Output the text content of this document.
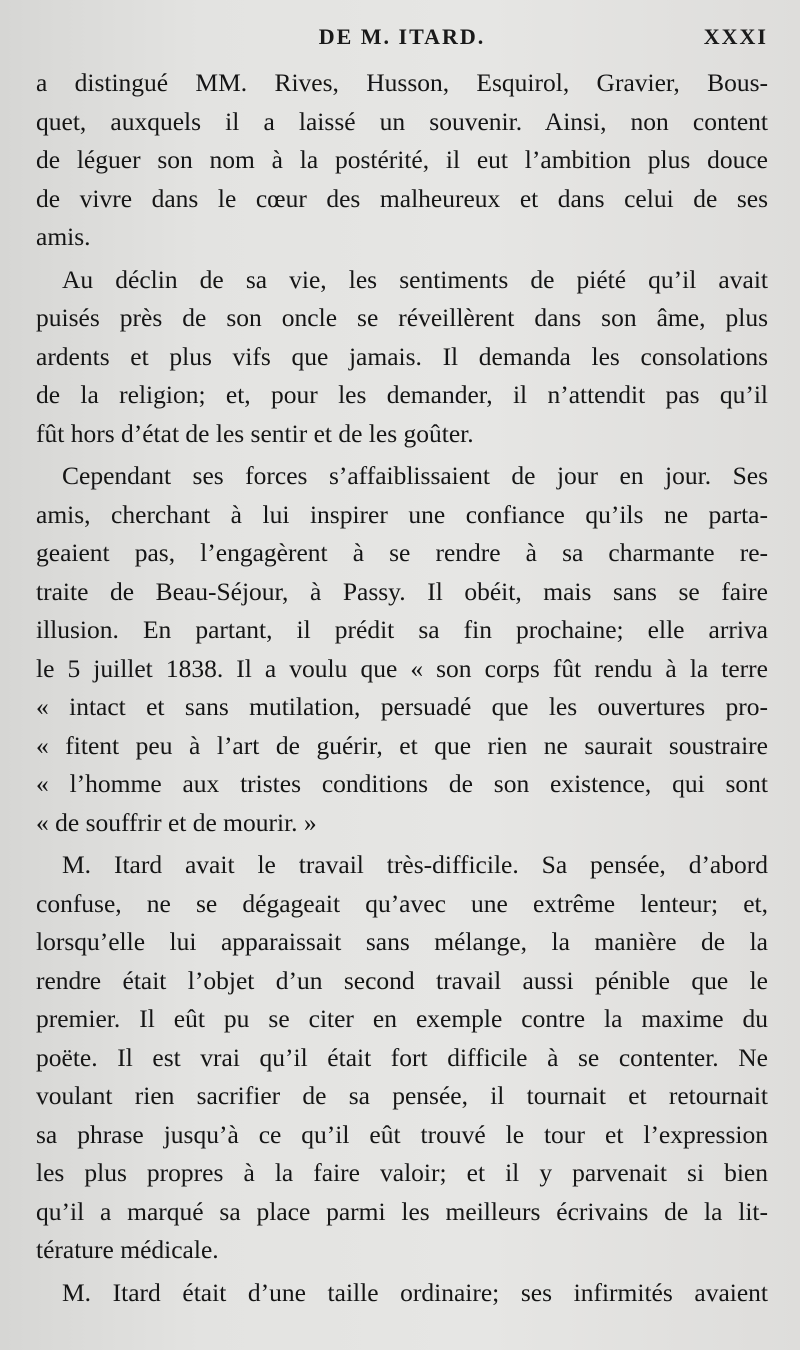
DE M. ITARD.	XXXI
a distingué MM. Rives, Husson, Esquirol, Gravier, Bous-
quet, auxquels il a laissé un souvenir. Ainsi, non content
de léguer son nom à la postérité, il eut l’ambition plus douce
de vivre dans le cœur des malheureux et dans celui de ses
amis.
Au déclin de sa vie, les sentiments de piété qu’il avait
puisés près de son oncle se réveillèrent dans son âme, plus
ardents et plus vifs que jamais. Il demanda les consolations
de la religion; et, pour les demander, il n’attendit pas qu’il
fût hors d’état de les sentir et de les goûter.
Cependant ses forces s’affaiblissaient de jour en jour. Ses
amis, cherchant à lui inspirer une confiance qu’ils ne parta-
geaient pas, l’engagèrent à se rendre à sa charmante re-
traite de Beau-Séjour, à Passy. Il obéit, mais sans se faire
illusion. En partant, il prédit sa fin prochaine; elle arriva
le 5 juillet 1838. Il a voulu que « son corps fût rendu à la terre
« intact et sans mutilation, persuadé que les ouvertures pro-
« fitent peu à l’art de guérir, et que rien ne saurait soustraire
« l’homme aux tristes conditions de son existence, qui sont
« de souffrir et de mourir. »
M. Itard avait le travail très-difficile. Sa pensée, d’abord
confuse, ne se dégageait qu’avec une extrême lenteur; et,
lorsqu’elle lui apparaissait sans mélange, la manière de la
rendre était l’objet d’un second travail aussi pénible que le
premier. Il eût pu se citer en exemple contre la maxime du
poëte. Il est vrai qu’il était fort difficile à se contenter. Ne
voulant rien sacrifier de sa pensée, il tournait et retournait
sa phrase jusqu’à ce qu’il eût trouvé le tour et l’expression
les plus propres à la faire valoir; et il y parvenait si bien
qu’il a marqué sa place parmi les meilleurs écrivains de la lit-
térature médicale.
M. Itard était d’une taille ordinaire; ses infirmités avaient
